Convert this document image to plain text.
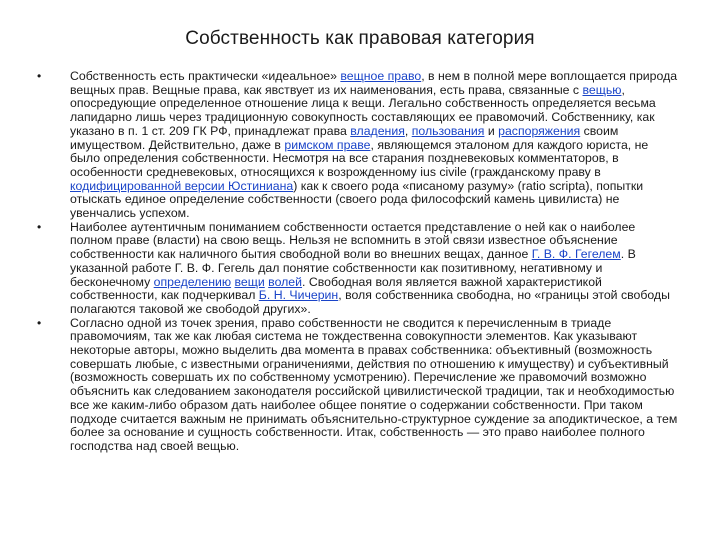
Собственность как правовая категория
• Собственность есть практически «идеальное» вещное право, в нем в полной мере воплощается природа вещных прав. Вещные права, как явствует из их наименования, есть права, связанные с вещью, опосредующие определенное отношение лица к вещи. Легально собственность определяется весьма лапидарно лишь через традиционную совокупность составляющих ее правомочий. Собственнику, как указано в п. 1 ст. 209 ГК РФ, принадлежат права владения, пользования и распоряжения своим имуществом. Действительно, даже в римском праве, являющемся эталоном для каждого юриста, не было определения собственности. Несмотря на все старания поздневековых комментаторов, в особенности средневековых, относящихся к возрожденному ius civile (гражданскому праву в кодифицированной версии Юстиниана) как к своего рода «писаному разуму» (ratio scripta), попытки отыскать единое определение собственности (своего рода философский камень цивилиста) не увенчались успехом.
• Наиболее аутентичным пониманием собственности остается представление о ней как о наиболее полном праве (власти) на свою вещь. Нельзя не вспомнить в этой связи известное объяснение собственности как наличного бытия свободной воли во внешних вещах, данное Г. В. Ф. Гегелем. В указанной работе Г. В. Ф. Гегель дал понятие собственности как позитивному, негативному и бесконечному определению вещи волей. Свободная воля является важной характеристикой собственности, как подчеркивал Б. Н. Чичерин, воля собственника свободна, но «границы этой свободы полагаются таковой же свободой других».
• Согласно одной из точек зрения, право собственности не сводится к перечисленным в триаде правомочиям, так же как любая система не тождественна совокупности элементов. Как указывают некоторые авторы, можно выделить два момента в правах собственника: объективный (возможность совершать любые, с известными ограничениями, действия по отношению к имуществу) и субъективный (возможность совершать их по собственному усмотрению). Перечисление же правомочий возможно объяснить как следованием законодателя российской цивилистической традиции, так и необходимостью все же каким-либо образом дать наиболее общее понятие о содержании собственности. При таком подходе считается важным не принимать объяснительно-структурное суждение за аподиктическое, а тем более за основание и сущность собственности. Итак, собственность — это право наиболее полного господства над своей вещью.
